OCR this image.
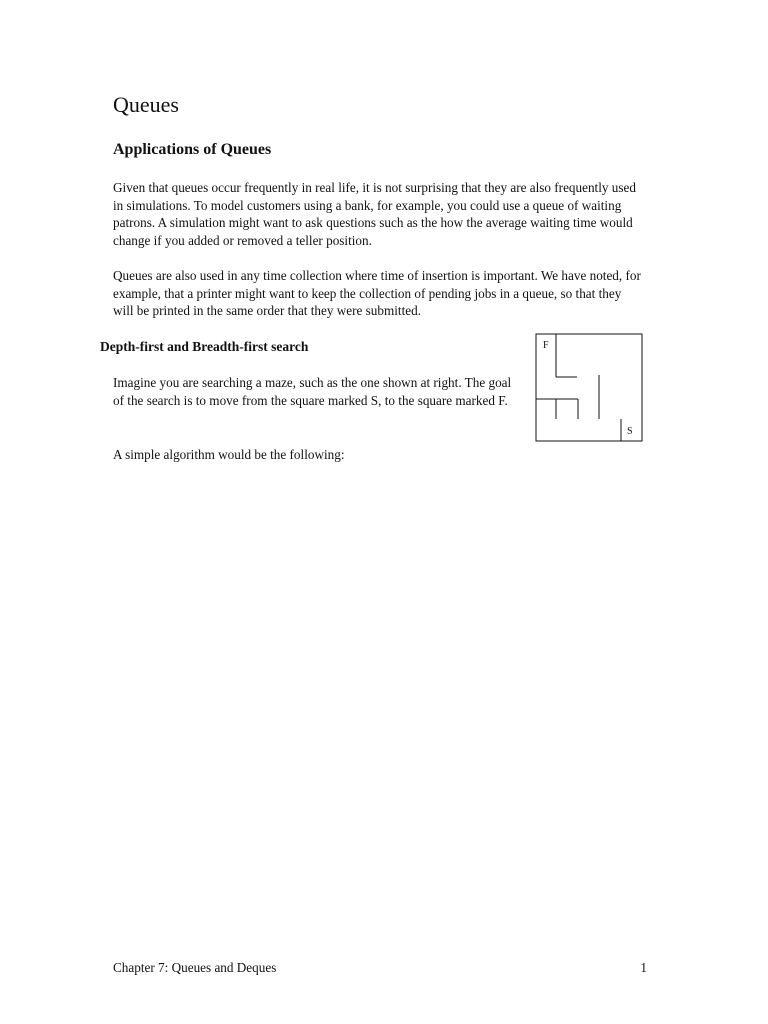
Queues
Applications of Queues

Given that queues occur frequently in real life, it is not surprising that they are also frequently used in simulations. To model customers using a bank, for example, you could use a queue of waiting patrons. A simulation might want to ask questions such as the how the average waiting time would change if you added or removed a teller position.

Queues are also used in any time collection where time of insertion is important. We have noted, for example, that a printer might want to keep the collection of pending jobs in a queue, so that they will be printed in the same order that they were submitted.

Depth-first and Breadth-first search

Imagine you are searching a maze, such as the one shown at right. The goal of the search is to move from the square marked S, to the square marked F.

A simple algorithm would be the following:

F
S

Chapter 7: Queues and Deques	1
